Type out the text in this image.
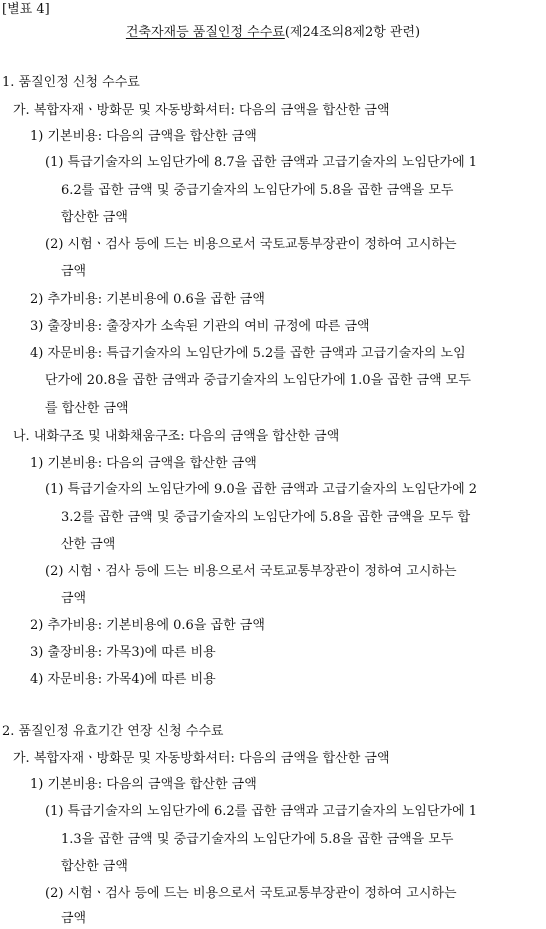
[별표 4]
건축자재등 품질인정 수수료(제24조의8제2항 관련)
1. 품질인정 신청 수수료
가. 복합자재ㆍ방화문 및 자동방화셔터: 다음의 금액을 합산한 금액
1) 기본비용: 다음의 금액을 합산한 금액
(1) 특급기술자의 노임단가에 8.7을 곱한 금액과 고급기술자의 노임단가에 1
6.2를 곱한 금액 및 중급기술자의 노임단가에 5.8을 곱한 금액을 모두
합산한 금액
(2) 시험ㆍ검사 등에 드는 비용으로서 국토교통부장관이 정하여 고시하는
금액
2) 추가비용: 기본비용에 0.6을 곱한 금액
3) 출장비용: 출장자가 소속된 기관의 여비 규정에 따른 금액
4) 자문비용: 특급기술자의 노임단가에 5.2를 곱한 금액과 고급기술자의 노임
단가에 20.8을 곱한 금액과 중급기술자의 노임단가에 1.0을 곱한 금액 모두
를 합산한 금액
나. 내화구조 및 내화채움구조: 다음의 금액을 합산한 금액
1) 기본비용: 다음의 금액을 합산한 금액
(1) 특급기술자의 노임단가에 9.0을 곱한 금액과 고급기술자의 노임단가에 2
3.2를 곱한 금액 및 중급기술자의 노임단가에 5.8을 곱한 금액을 모두 합
산한 금액
(2) 시험ㆍ검사 등에 드는 비용으로서 국토교통부장관이 정하여 고시하는
금액
2) 추가비용: 기본비용에 0.6을 곱한 금액
3) 출장비용: 가목3)에 따른 비용
4) 자문비용: 가목4)에 따른 비용
2. 품질인정 유효기간 연장 신청 수수료
가. 복합자재ㆍ방화문 및 자동방화셔터: 다음의 금액을 합산한 금액
1) 기본비용: 다음의 금액을 합산한 금액
(1) 특급기술자의 노임단가에 6.2를 곱한 금액과 고급기술자의 노임단가에 1
1.3을 곱한 금액 및 중급기술자의 노임단가에 5.8을 곱한 금액을 모두
합산한 금액
(2) 시험ㆍ검사 등에 드는 비용으로서 국토교통부장관이 정하여 고시하는
금액
